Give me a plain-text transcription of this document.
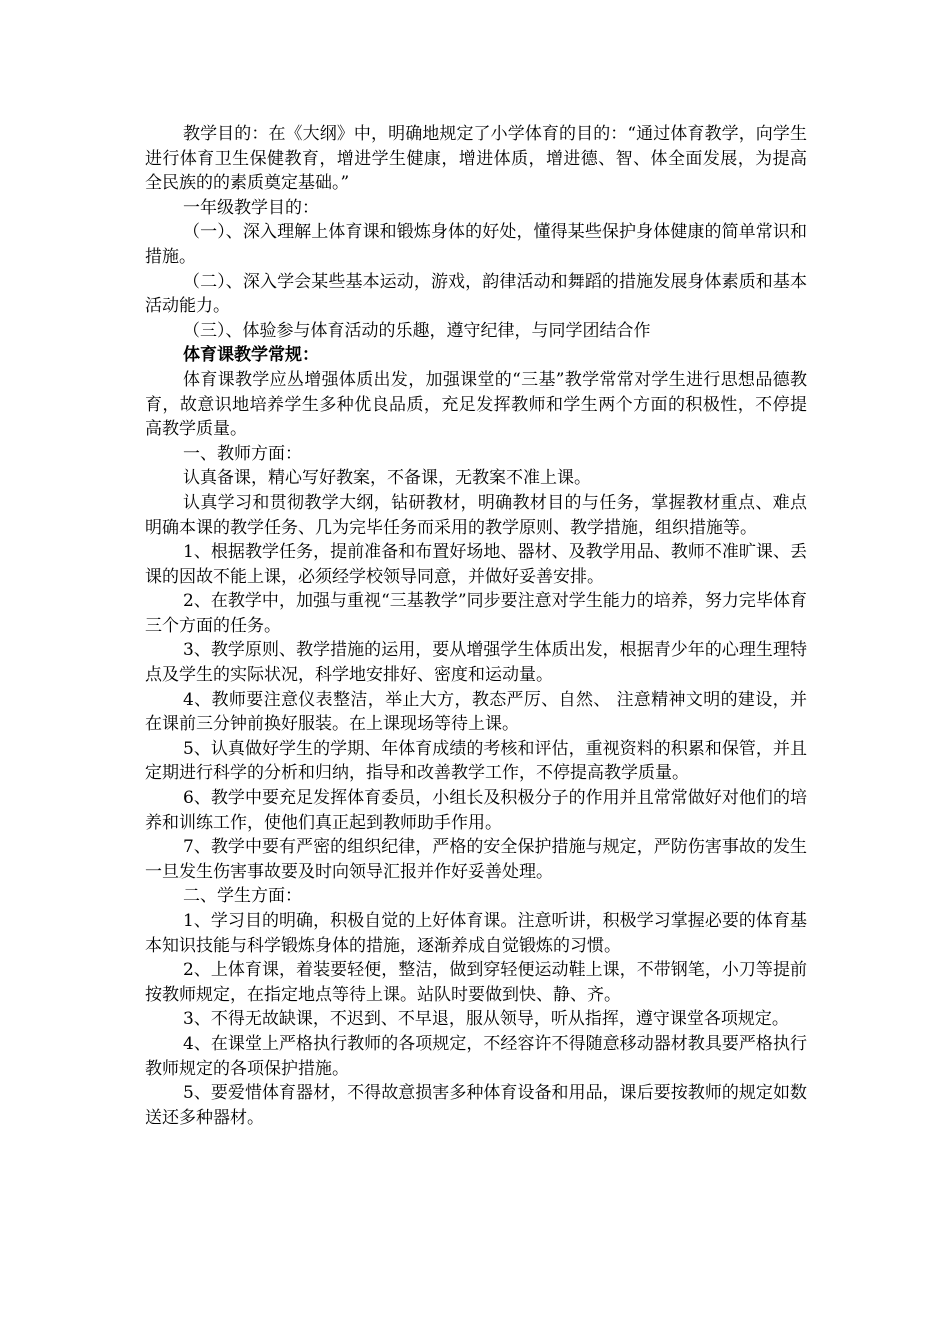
教学目的：在《大纲》中，明确地规定了小学体育的目的：“通过体育教学，向学生进行体育卫生保健教育，增进学生健康，增进体质，增进德、智、体全面发展，为提高全民族的的素质奠定基础。”

一年级教学目的：

（一）、深入理解上体育课和锻炼身体的好处，懂得某些保护身体健康的简单常识和措施。

（二）、深入学会某些基本运动，游戏，韵律活动和舞蹈的措施发展身体素质和基本活动能力。

（三）、体验参与体育活动的乐趣，遵守纪律，与同学团结合作

体育课教学常规：

体育课教学应丛增强体质出发，加强课堂的“三基”教学常常对学生进行思想品德教育，故意识地培养学生多种优良品质，充足发挥教师和学生两个方面的积极性，不停提高教学质量。

一、教师方面：

认真备课，精心写好教案，不备课，无教案不准上课。

认真学习和贯彻教学大纲，钻研教材，明确教材目的与任务，掌握教材重点、难点明确本课的教学任务、几为完毕任务而采用的教学原则、教学措施，组织措施等。

1、根据教学任务，提前准备和布置好场地、器材、及教学用品、教师不准旷课、丢课的因故不能上课，必须经学校领导同意，并做好妥善安排。

2、在教学中，加强与重视“三基教学”同步要注意对学生能力的培养，努力完毕体育三个方面的任务。

3、教学原则、教学措施的运用，要从增强学生体质出发，根据青少年的心理生理特点及学生的实际状况，科学地安排好、密度和运动量。

4、教师要注意仪表整洁，举止大方，教态严厉、自然、 注意精神文明的建设，并在课前三分钟前换好服装。在上课现场等待上课。

5、认真做好学生的学期、年体育成绩的考核和评估，重视资料的积累和保管，并且定期进行科学的分析和归纳，指导和改善教学工作，不停提高教学质量。

6、教学中要充足发挥体育委员，小组长及积极分子的作用并且常常做好对他们的培养和训练工作，使他们真正起到教师助手作用。

7、教学中要有严密的组织纪律，严格的安全保护措施与规定，严防伤害事故的发生一旦发生伤害事故要及时向领导汇报并作好妥善处理。

二、学生方面：

1、学习目的明确，积极自觉的上好体育课。注意听讲，积极学习掌握必要的体育基本知识技能与科学锻炼身体的措施，逐渐养成自觉锻炼的习惯。

2、上体育课，着装要轻便，整洁，做到穿轻便运动鞋上课，不带钢笔，小刀等提前按教师规定，在指定地点等待上课。站队时要做到快、静、齐。

3、不得无故缺课，不迟到、不早退，服从领导，听从指挥，遵守课堂各项规定。

4、在课堂上严格执行教师的各项规定，不经容许不得随意移动器材教具要严格执行教师规定的各项保护措施。

5、要爱惜体育器材，不得故意损害多种体育设备和用品，课后要按教师的规定如数送还多种器材。
